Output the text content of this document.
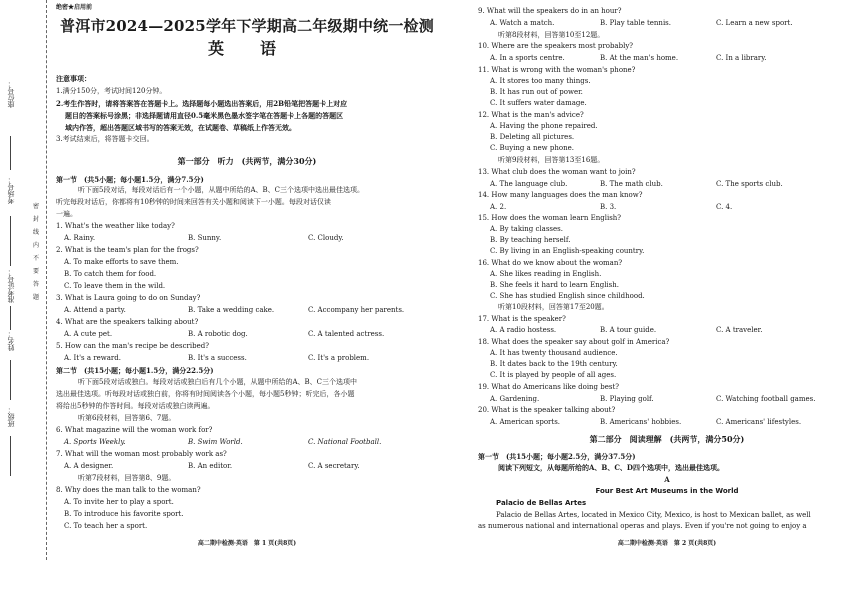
座位号：
考场号：
准考证号：
姓名：
班级：
密
封
线
内
不
要
答
题
绝密★启用前
普洱市2024—2025学年下学期高二年级期中统一检测
英　语
注意事项：
1.满分150分，考试时间120分钟。
2.考生作答时，请将答案答在答题卡上。选择题每小题选出答案后，用2B铅笔把答题卡上对应
题目的答案标号涂黑；非选择题请用直径0.5毫米黑色墨水签字笔在答题卡上各题的答题区
域内作答，超出答题区域书写的答案无效，在试题卷、草稿纸上作答无效。
3.考试结束后，将答题卡交回。
第一部分　听力　(共两节，满分30分)
第一节　(共5小题；每小题1.5分，满分7.5分)
听下面5段对话，每段对话后有一个小题，从题中所给的A、B、C三个选项中选出最佳选项。
听完每段对话后，你都将有10秒钟的时间来回答有关小题和阅读下一小题。每段对话仅读
一遍。
1. What's the weather like today?
A. Rainy.	B. Sunny.	C. Cloudy.
2. What is the team's plan for the frogs?
A. To make efforts to save them.
B. To catch them for food.
C. To leave them in the wild.
3. What is Laura going to do on Sunday?
A. Attend a party.	B. Take a wedding cake.	C. Accompany her parents.
4. What are the speakers talking about?
A. A cute pet.	B. A robotic dog.	C. A talented actress.
5. How can the man's recipe be described?
A. It's a reward.	B. It's a success.	C. It's a problem.
第二节　(共15小题；每小题1.5分，满分22.5分)
听下面5段对话或独白。每段对话或独白后有几个小题，从题中所给的A、B、C三个选项中
选出最佳选项。听每段对话或独白前，你将有时间阅读各个小题，每小题5秒钟；听完后，各小题
将给出5秒钟的作答时间。每段对话或独白读两遍。
听第6段材料，回答第6、7题。
6. What magazine will the woman work for?
A. Sports Weekly.	B. Swim World.	C. National Football.
7. What will the woman most probably work as?
A. A designer.	B. An editor.	C. A secretary.
听第7段材料，回答第8、9题。
8. Why does the man talk to the woman?
A. To invite her to play a sport.
B. To introduce his favorite sport.
C. To teach her a sport.
高二期中检测·英语　第 1 页(共8页)
9. What will the speakers do in an hour?
A. Watch a match.	B. Play table tennis.	C. Learn a new sport.
听第8段材料，回答第10至12题。
10. Where are the speakers most probably?
A. In a sports centre.	B. At the man's home.	C. In a library.
11. What is wrong with the woman's phone?
A. It stores too many things.
B. It has run out of power.
C. It suffers water damage.
12. What is the man's advice?
A. Having the phone repaired.
B. Deleting all pictures.
C. Buying a new phone.
听第9段材料，回答第13至16题。
13. What club does the woman want to join?
A. The language club.	B. The math club.	C. The sports club.
14. How many languages does the man know?
A. 2.	B. 3.	C. 4.
15. How does the woman learn English?
A. By taking classes.
B. By teaching herself.
C. By living in an English-speaking country.
16. What do we know about the woman?
A. She likes reading in English.
B. She feels it hard to learn English.
C. She has studied English since childhood.
听第10段材料，回答第17至20题。
17. What is the speaker?
A. A radio hostess.	B. A tour guide.	C. A traveler.
18. What does the speaker say about golf in America?
A. It has twenty thousand audience.
B. It dates back to the 19th century.
C. It is played by people of all ages.
19. What do Americans like doing best?
A. Gardening.	B. Playing golf.	C. Watching football games.
20. What is the speaker talking about?
A. American sports.	B. Americans' hobbies.	C. Americans' lifestyles.
第二部分　阅读理解　(共两节，满分50分)
第一节　(共15小题；每小题2.5分，满分37.5分)
阅读下列短文，从每题所给的A、B、C、D四个选项中，选出最佳选项。
A
Four Best Art Museums in the World
Palacio de Bellas Artes
Palacio de Bellas Artes, located in Mexico City, Mexico, is host to Mexican ballet, as well
as numerous national and international operas and plays. Even if you're not going to enjoy a
高二期中检测·英语　第 2 页(共8页)
